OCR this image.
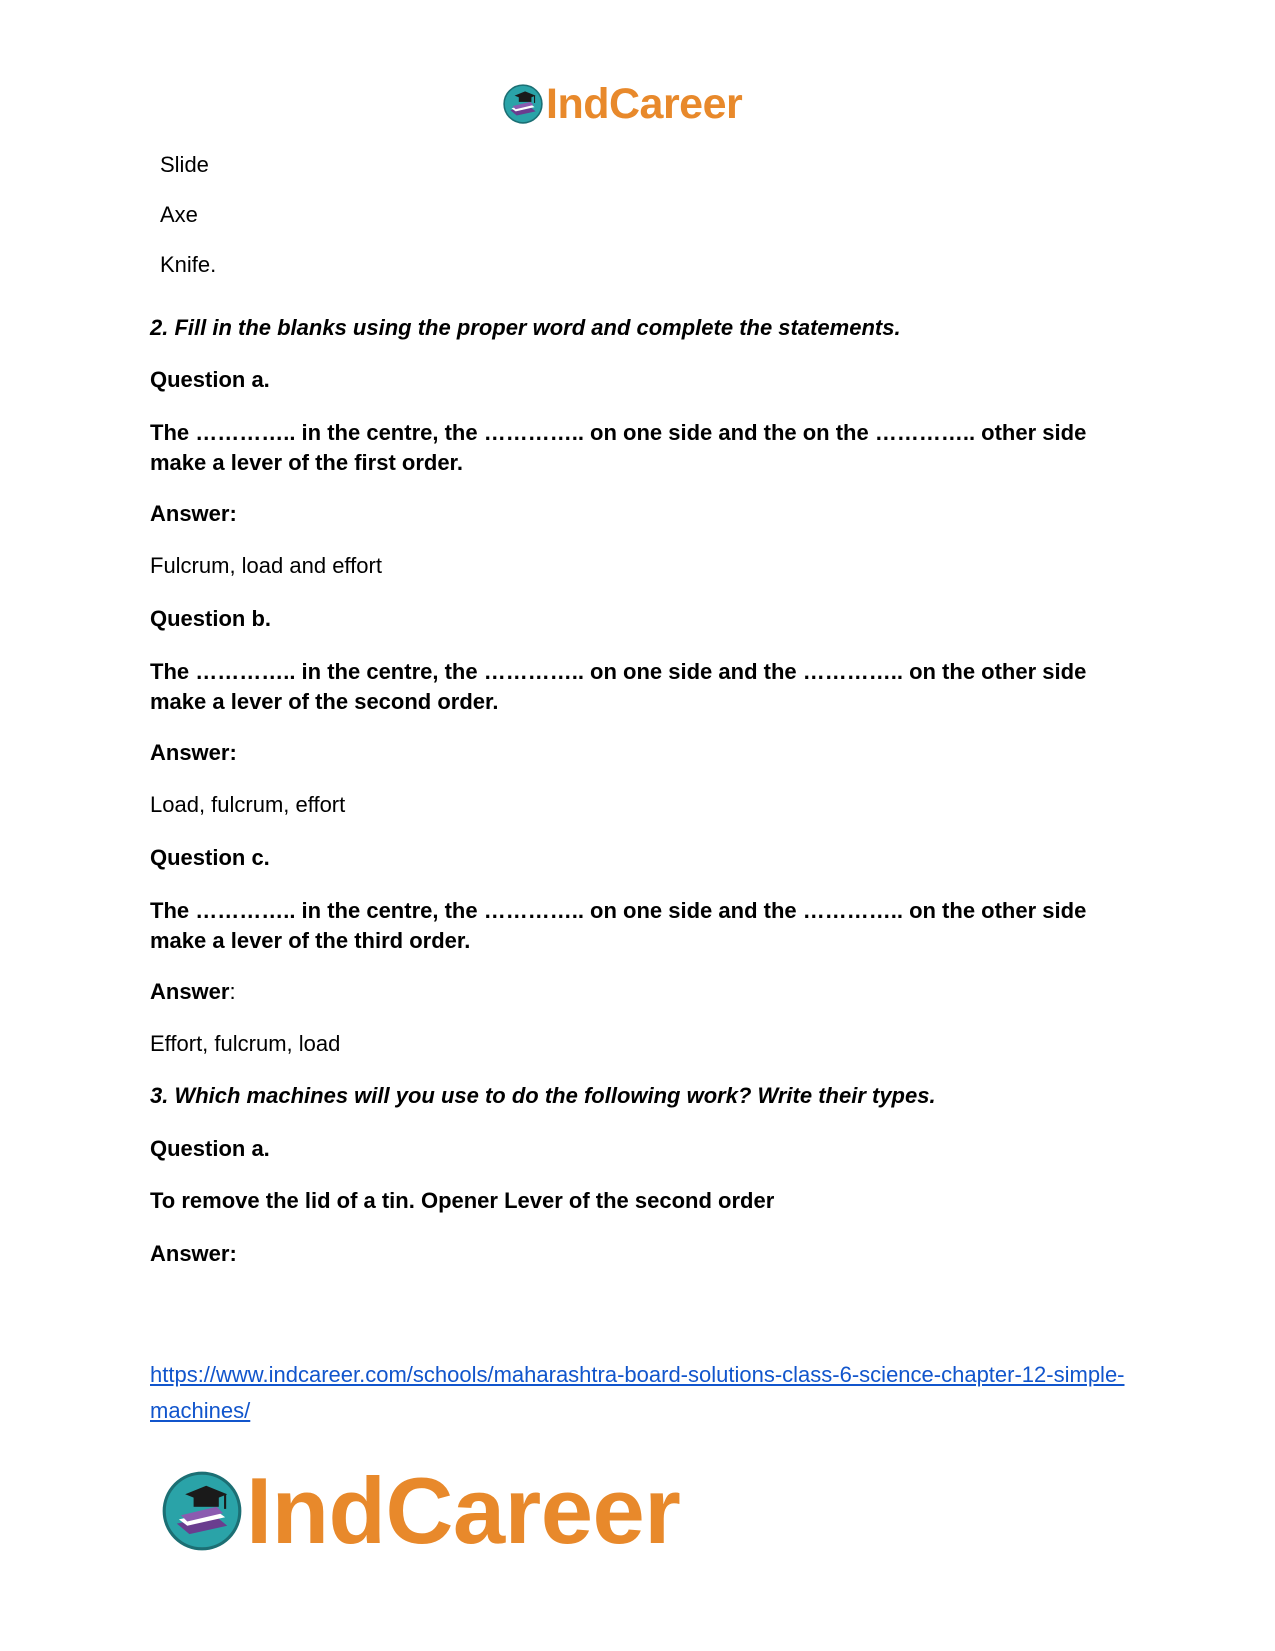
IndCareer
Slide
Axe
Knife.
2. Fill in the blanks using the proper word and complete the statements.
Question a.
The ………….. in the centre, the ………….. on one side and the on the ………….. other side make a lever of the first order.
Answer:
Fulcrum, load and effort
Question b.
The ………….. in the centre, the ………….. on one side and the ………….. on the other side make a lever of the second order.
Answer:
Load, fulcrum, effort
Question c.
The ………….. in the centre, the ………….. on one side and the ………….. on the other side make a lever of the third order.
Answer:
Effort, fulcrum, load
3. Which machines will you use to do the following work? Write their types.
Question a.
To remove the lid of a tin. Opener Lever of the second order
Answer:
https://www.indcareer.com/schools/maharashtra-board-solutions-class-6-science-chapter-12-simple-machines/
IndCareer
